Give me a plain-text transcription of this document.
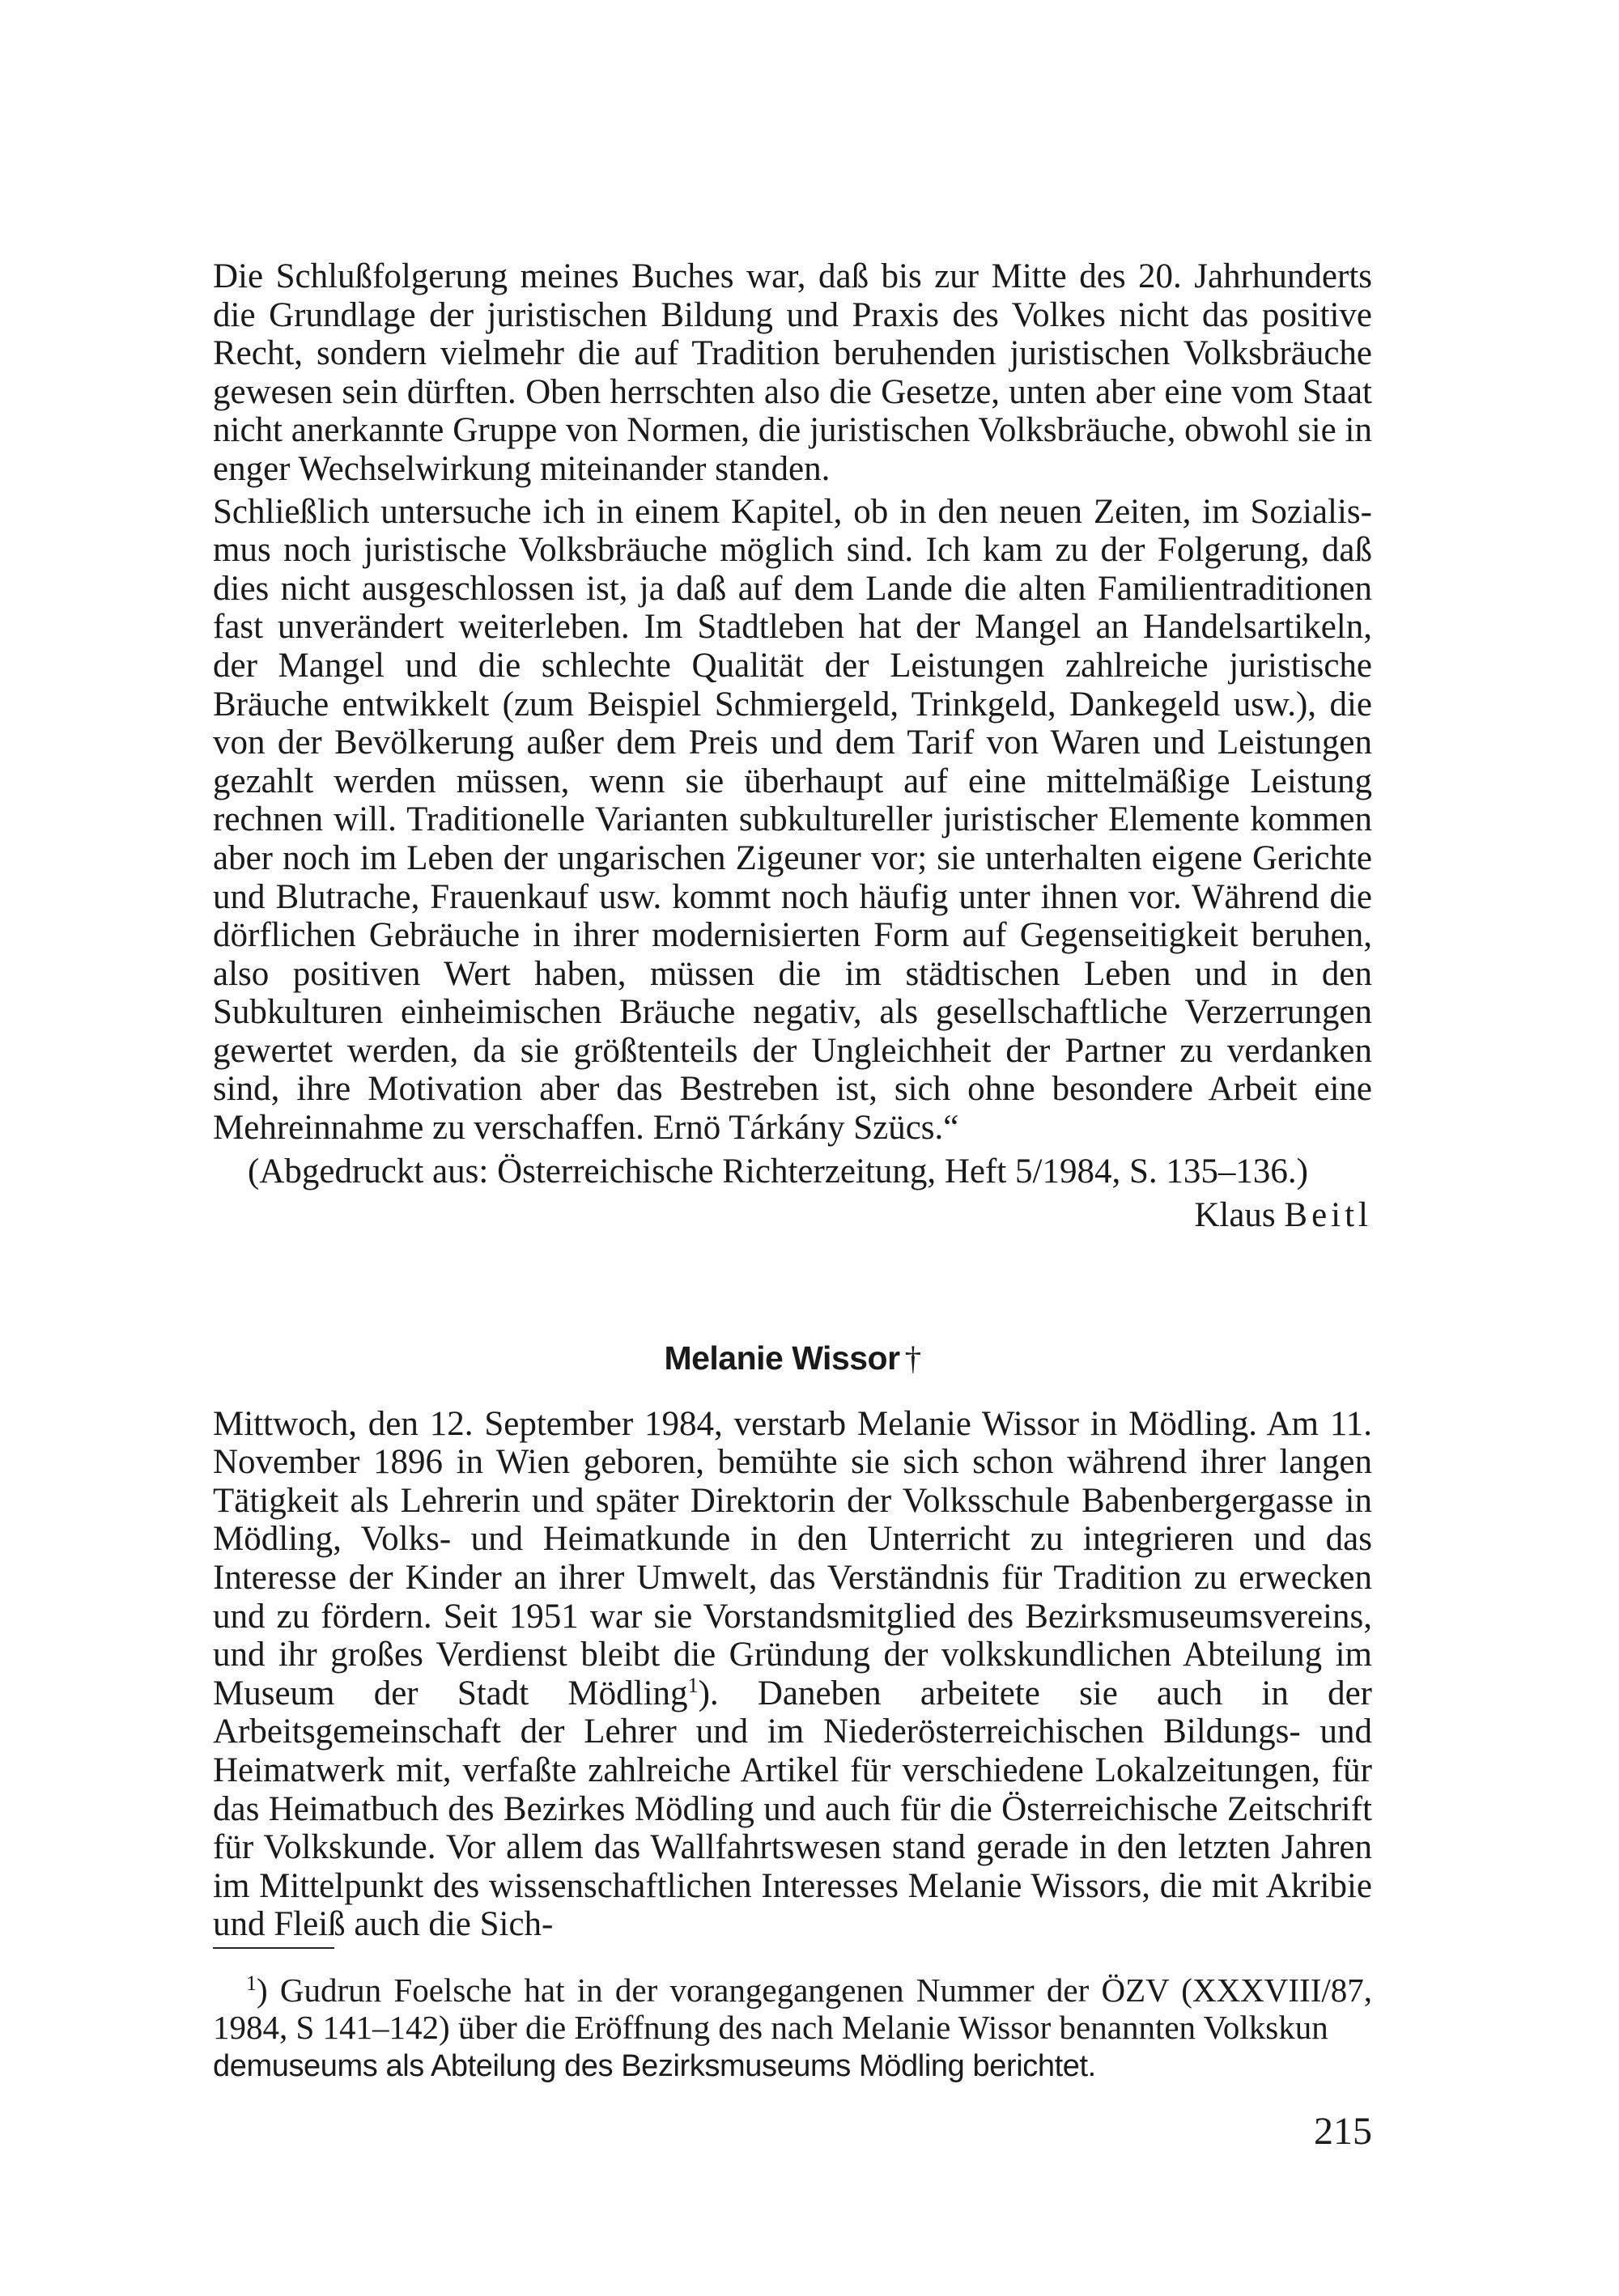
Die Schlußfolgerung meines Buches war, daß bis zur Mitte des 20. Jahrhunderts die Grundlage der juristischen Bildung und Praxis des Volkes nicht das positive Recht, sondern vielmehr die auf Tradition beruhenden juristischen Volksbräuche gewesen sein dürften. Oben herrschten also die Gesetze, unten aber eine vom Staat nicht anerkannte Gruppe von Normen, die juristischen Volksbräuche, obwohl sie in enger Wechselwirkung miteinander standen.

Schließlich untersuche ich in einem Kapitel, ob in den neuen Zeiten, im Sozialismus noch juristische Volksbräuche möglich sind. Ich kam zu der Folgerung, daß dies nicht ausgeschlossen ist, ja daß auf dem Lande die alten Familientraditionen fast unverändert weiterleben. Im Stadtleben hat der Mangel an Handelsartikeln, der Mangel und die schlechte Qualität der Leistungen zahlreiche juristische Bräuche entwikkelt (zum Beispiel Schmiergeld, Trinkgeld, Dankegeld usw.), die von der Bevölkerung außer dem Preis und dem Tarif von Waren und Leistungen gezahlt werden müssen, wenn sie überhaupt auf eine mittelmäßige Leistung rechnen will. Traditionelle Varianten subkultureller juristischer Elemente kommen aber noch im Leben der ungarischen Zigeuner vor; sie unterhalten eigene Gerichte und Blutrache, Frauenkauf usw. kommt noch häufig unter ihnen vor. Während die dörflichen Gebräuche in ihrer modernisierten Form auf Gegenseitigkeit beruhen, also positiven Wert haben, müssen die im städtischen Leben und in den Subkulturen einheimischen Bräuche negativ, als gesellschaftliche Verzerrungen gewertet werden, da sie größtenteils der Ungleichheit der Partner zu verdanken sind, ihre Motivation aber das Bestreben ist, sich ohne besondere Arbeit eine Mehreinnahme zu verschaffen. Ernö Tárkány Szücs.“

 (Abgedruckt aus: Österreichische Richterzeitung, Heft 5/1984, S. 135–136.)

Klaus Beitl

Melanie Wissor †

Mittwoch, den 12. September 1984, verstarb Melanie Wissor in Mödling. Am 11. November 1896 in Wien geboren, bemühte sie sich schon während ihrer langen Tätigkeit als Lehrerin und später Direktorin der Volksschule Babenbergergasse in Mödling, Volks- und Heimatkunde in den Unterricht zu integrieren und das Interesse der Kinder an ihrer Umwelt, das Verständnis für Tradition zu erwecken und zu fördern. Seit 1951 war sie Vorstandsmitglied des Bezirksmuseumsvereins, und ihr großes Verdienst bleibt die Gründung der volkskundlichen Abteilung im Museum der Stadt Mödling$^1$). Daneben arbeitete sie auch in der Arbeitsgemeinschaft der Lehrer und im Niederösterreichischen Bildungs- und Heimatwerk mit, verfaßte zahlreiche Artikel für verschiedene Lokalzeitungen, für das Heimatbuch des Bezirkes Mödling und auch für die Österreichische Zeitschrift für Volkskunde. Vor allem das Wallfahrtswesen stand gerade in den letzten Jahren im Mittelpunkt des wissenschaftlichen Interesses Melanie Wissors, die mit Akribie und Fleiß auch die Sich-

 $^1$) Gudrun Foelsche hat in der vorangegangenen Nummer der ÖZV (XXXVIII/87, 1984, S 141–142) über die Eröffnung des nach Melanie Wissor benannten Volkskun
demuseums als Abteilung des Bezirksmuseums Mödling berichtet.
215
